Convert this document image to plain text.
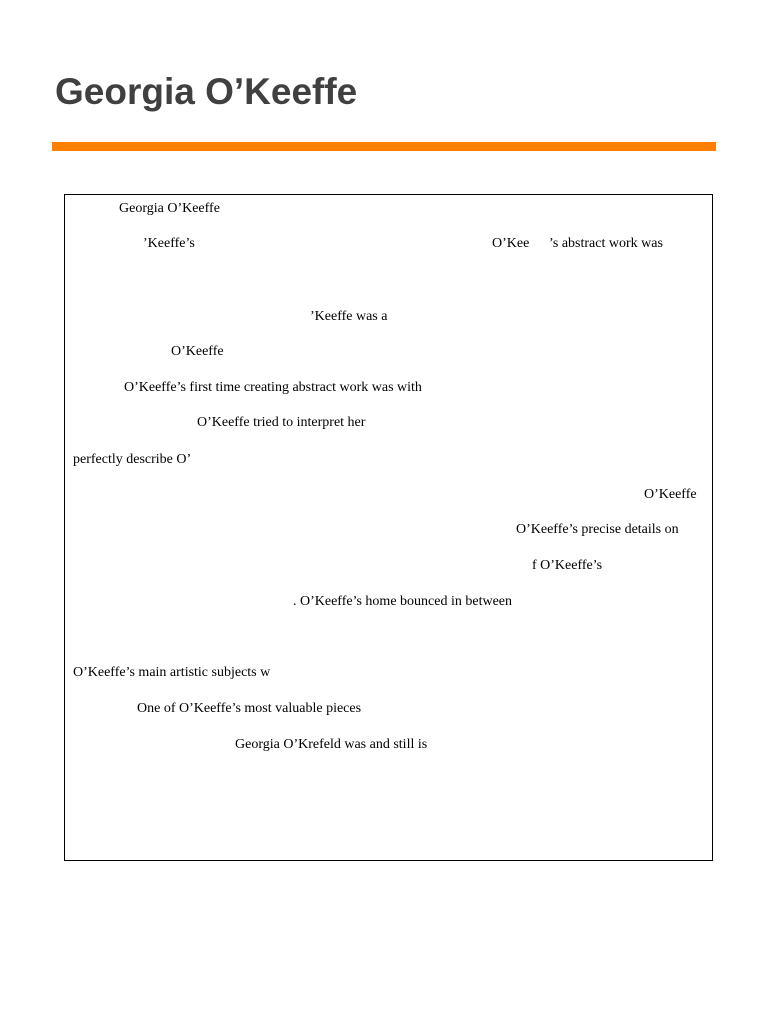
Georgia O’Keeffe
Georgia O’Keeffe
’Keeffe’s	O’Kee ’s abstract work was
’Keeffe was a
O’Keeffe
O’Keeffe’s first time creating abstract work was with
O’Keeffe tried to interpret her
perfectly describe O’
O’Keeffe
O’Keeffe’s precise details on
f O’Keeffe’s
. O’Keeffe’s home bounced in between
O’Keeffe’s main artistic subjects w
One of O’Keeffe’s most valuable pieces
Georgia O’Krefeld was and still is
